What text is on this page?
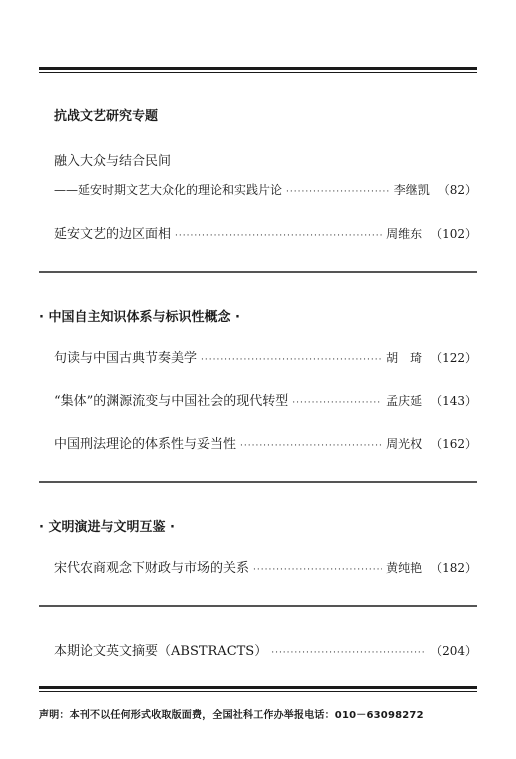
抗战文艺研究专题
融入大众与结合民间
——延安时期文艺大众化的理论和实践片论 ·····	李继凯 （82）
延安文艺的边区面相 ·····	周维东 （102）
· 中国自主知识体系与标识性概念 ·
句读与中国古典节奏美学 ·····	胡　琦 （122）
“集体”的渊源流变与中国社会的现代转型 ·····	孟庆延 （143）
中国刑法理论的体系性与妥当性 ·····	周光权 （162）
· 文明演进与文明互鉴 ·
宋代农商观念下财政与市场的关系 ·····	黄纯艳 （182）
本期论文英文摘要（ABSTRACTS） ·····	（204）
声明：本刊不以任何形式收取版面费，全国社科工作办举报电话：010－63098272
